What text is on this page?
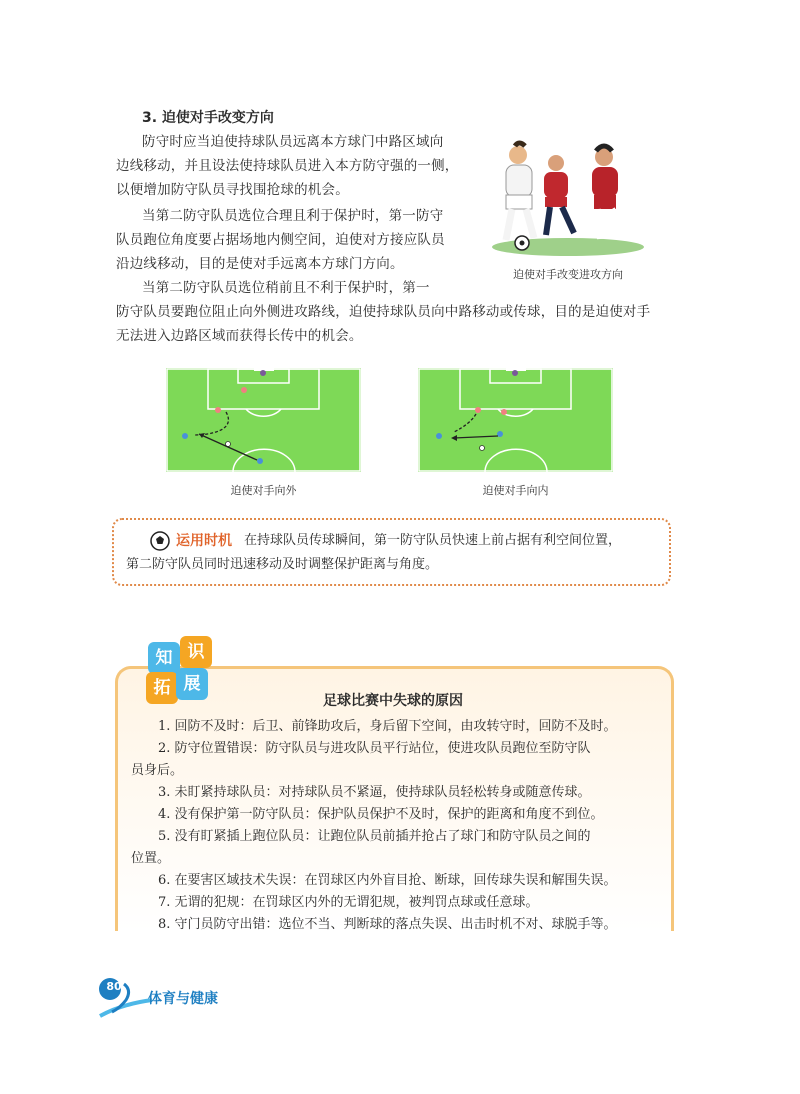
3. 迫使对手改变方向
防守时应当迫使持球队员远离本方球门中路区域向
边线移动，并且设法使持球队员进入本方防守强的一侧，
以便增加防守队员寻找围抢球的机会。
当第二防守队员选位合理且利于保护时，第一防守
队员跑位角度要占据场地内侧空间，迫使对方接应队员
沿边线移动，目的是使对手远离本方球门方向。
当第二防守队员选位稍前且不利于保护时，第一
防守队员要跑位阻止向外侧进攻路线，迫使持球队员向中路移动或传球，目的是迫使对手
无法进入边路区域而获得长传中的机会。
迫使对手改变进攻方向
迫使对手向外	迫使对手向内
运用时机 在持球队员传球瞬间，第一防守队员快速上前占据有利空间位置，
第二防守队员同时迅速移动及时调整保护距离与角度。
知 识
拓 展
足球比赛中失球的原因
1. 回防不及时：后卫、前锋助攻后，身后留下空间，由攻转守时，回防不及时。
2. 防守位置错误：防守队员与进攻队员平行站位，使进攻队员跑位至防守队
员身后。
3. 未盯紧持球队员：对持球队员不紧逼，使持球队员轻松转身或随意传球。
4. 没有保护第一防守队员：保护队员保护不及时，保护的距离和角度不到位。
5. 没有盯紧插上跑位队员：让跑位队员前插并抢占了球门和防守队员之间的
位置。
6. 在要害区域技术失误：在罚球区内外盲目抢、断球，回传球失误和解围失误。
7. 无谓的犯规：在罚球区内外的无谓犯规，被判罚点球或任意球。
8. 守门员防守出错：选位不当、判断球的落点失误、出击时机不对、球脱手等。
80
体育与健康
